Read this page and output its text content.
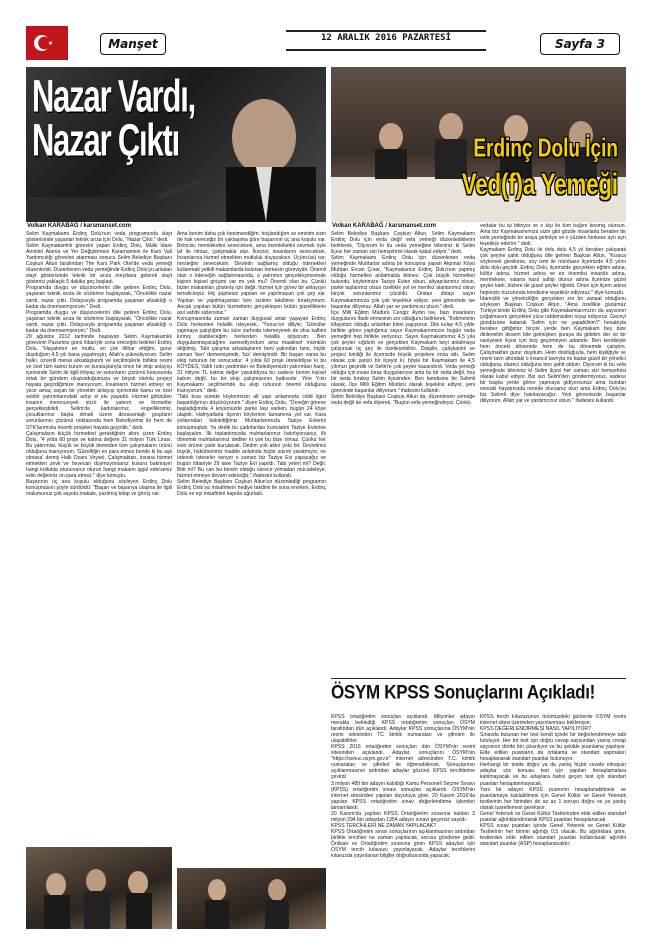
Manşet	12 ARALIK 2016 PAZARTESİ	Sayfa 3
Nazar Vardı,
Nazar Çıktı
Volkan KARABAĞ / karsmanset.com
Selim Kaymakamı Erdinç Dolu'nun veda programında slayt gösterisinde yaşanan teknik arıza için Dolu, "Nazar Çıktı." dedi.
Selim Kaymakamlık görevini yapan Erdinç Dolu, Mülki İdare Amirleri Atama ve Yer Değiştirmesi Kararnamesi ile Kars Vali Yardımcılığı görevine atanması sonucu Selim Belediye Başkanı Coşkun Altun tarafından The Kars Park Otel'de veda yemeği düzenlendi. Düzenlenen veda yemeğinde Erdinç Dolu'yu anlatan slayt gösterisinde teknik bir arıza meydana gelerek slayt gösterisi yaklaşık 5 dakika geç başladı.
Programda duygu ve düşüncelerini dile getiren Erdinç Dolu, yaşanan teknik arıza ile sözlerine başlayarak, "Öncelikle nazar vardı, nazar çıktı. Dolayısıyla programda yaşanan aksaklığı o kadar da önemsemiyorum." Dedi.
Programda duygu ve düşüncelerini dile getiren Erdinç Dolu, yaşanan teknik arıza ile sözlerine başlayarak, "Öncelikle nazar vardı, nazar çıktı. Dolayısıyla programda yaşanan aksaklığı o kadar da önemsemiyorum." Dedi.
29 ağustos 2012 tarihinde başlayan Selim Kaymakamlık görevinin Pazartesi günü itibariyle sona ereceğini belirten Erdinç Dolu, "Hayatımın en mutlu, en çok iftihar ettiğim, gurur duyduğum 4,5 yılı bana yaşatmıştır, Allah'a şükrediyorum. Selim halkı, özverili mesai arkadaşlarım ve seçilmişlerle birlikte resmi ve özel tüm kamu kurum ve kuruluşlarıyla önce bir ekip anlayışı içerisinde Selim ile ilgili ihtiyaç ve sorunların çözümü konusunda ortak bir gündem oluşturduğumuza ve birçok olumlu projeyi hayata geçirdiğimize inanıyorum. İnsanların hizmet etmeyi en yüce amaç sayan bir yönetim anlayışı içerisinde kamu ve özel sektör yatırımlarındaki artışı el ele yaşadık. Hizmet götürülen insanın memnuniyeti sözü ile yatırım ve hizmetler gerçekleştirildi. Selim'de kadınlarımız, engellilerimiz, çocuklarımız başta olmak üzere dezavantajlı grupların sorunlarının çözümü noktasında hem Belediyemiz ile hem de STK'larımızla önemli projeleri hayata geçirdik." dedi.
Çalışmaların küçük hizmetleri gerektiğinin altını çizen Erdinç Dolu, "4 yılda 60 proje ve katma değere 31 milyon Türk Lirası. Bu yatırımlar, küçük ve büyük demeden tüm çalışmaların ürünü olduğuna inanıyorum. 'Güzelliğin en para etmez bende ki bu aşk olmasa' demiş Halk Ozanı Veysel. Çalışmaktan, insana hizmet etmekten zevk ve heyecan duymuyorsanız kusura bakmayın hangi koltukta oturursanız oturun hangi makamı işgal ederseniz edin değeriniz on para etmez." diye konuştu.
Başarının üç ana koşulu olduğunu söyleyen Erdinç Dolu konuşmasını şöyle sürdürdü: "Başarı ve başarıya ulaşma ile ilgili malumunuz çok sayıda makale, yazılmış kitap ve görüş var.
Ama benim daha çok benimsediğim, hoşlandığım ve eminim sizin de hak vereceğiz bir yaklaşıma göre başarının üç ana koşulu var. Birincisi; memleketini seveceksin, ama memleketini sevmek öyle laf ile olmaz, çalışmakla olur. İkincisi; insanlarını seveceksin. İnsanlarına hizmet etmekten mutluluk duyacaksın. Üçüncüsü ise; mesleğini seveceksin. Devletin sağlamış olduğu ödenekleri kullanmak yetkili makamlarda bulunan herkesin göreviydir. Önemli olan o ödeneğin sağlanmasında, o yatırımın gerçekleşmesinde kişinin kişisel girişimi var mı yok mu? Önemli olan bu. Çünkü bizler makamları gösteriş için değil, hizmet için görev bir anlayışın temsilcisiyiz. Hiç şüphesiz yapılan ve yapılmayan çok şey var. Yapılan ve yapılmayanları ben sizlerin takdirine bırakıyorum. Ancak yapılan bütün hizmetlerin gerçekleşen bütün güzelliklerin asıl sahibi sizlersiniz."
Konuşmasında zaman zaman duygusal anlar yaşayan Erdinç Dolu herkesten helallik isteyerek, "Yunus'un diliyle; 'Gönüller yapmaya çalıştığım bu süre zarfında istemeyerek de olsa kalbini kırmış olabileceğim herkesten helallik istiyorum. Ben duygulanmayacağımı zannediyordum ama maalesef mümkün değilmiş. Tabi çalışma arkadaşlarım beni yakından tanır, hiçbir zaman 'ben' dememişimdir, 'biz' demişimdir. Bir başarı varsa bu ekip ruhunun bir sonucudur. 4 yılda 60 proje üreteildiyse ki bu KÖYDES, Vakfı rutin yardımları ve Belediyemizin yatırımları hariç. 31 milyon TL katma değer yaratıldıysa bu sadece benim kişisel kabım değil, bu bir ekip çalışmasının katkısıdır. Yine Yılın Kaymakamı seçilmemde bu ekip ruhunun önemli olduğuna inanıyorum." dedi.
"Tabi kısa sürede köylerimizin alt yapı anlamında ciddi ilgisi başardığımızı düşünüyorum." diyen Erdinç Dolu, "Örneğin göreve başladığımda 4 köyümüzde parke taşı varken, bugün 24 köye ulaştık. Hafriyatlarla ilçenin köylerinin tamamına yol var. Kara yollarından beklediğimiz Muhtarlarımızla Taziye Evlerini konuşmuştuk. Ya dedik bu çadırlardan kurtulalım Taziye Evlerine başlayalım. İlk toplantımızda muhtarlarımız hatırlıyorsanız, ilk dönemki muhtarlarımız dediler ki yok bu bize olmaz. Çünkü her evin önüne çadır kurulacak. Dedim yok aklın yolu bir. Devletimiz büyük, hükümetimiz madde anlamda hiçbir sıkıntı yaratmıyor, ne ödenek isteseler veriyor o zaman biz Taziye Evi yapacağız ve bugün itibariyle 29 tane Taziye Evi yapıldı. Tabi yeteri mi? Değil. Bitti mi? Bu can bu benim olduğu sürece yılmadan mücadeleye, hizmet etmeye devam edeceğiz." ifadesini kullandı.
Selim Belediye Başkanı Coşkun Altun'un düzenlediği programın Erdinç Dolu'ya misafirlerin hediye takdimi ile sona ererken, Erdinç Dolu ve eşi misafirleri kapıda uğurladı.
Erdinç Dolu İçin
Ved(f)a Yemeği
Volkan KARABAĞ / karsmanset.com
Selim Belediye Başkanı Coşkun Altun, Selim Kaymakamı Erdinç Dolu için veda değil vefa yemeği düzenlediklerini belirterek, "Diyorum ki bu veda yemeğine bileniniz ki Selim ilçesi her zaman sizi hemşehrisi olarak kabul ediyor." dedi.
Selim Kaymakamı Erdinç Dolu için düzenlenen veda yemeğinde Muhtarlar adına bir konuşma yapan Akpınar Köyü Muhtarı Ercan Çınar, "Kaymakamız Erdinç Dolu'nun yapmış olduğu hizmetleri anlatmakla bitmez. Çok büyük hizmetleri bulundu, köylerimize Taziye Evleri olsun, altyapılarımız olsun, parke taşlarımız olsun özellikle yol ve menfez alanlarımız olsun birçok sorunlarımız çözüldü. Ondan dolayı sayın Kaymakamımıza çok çok teşekkür ediyor, yeni görevinde ise başarılar diliyoruz. Allah yar ve yardımcısı olsun." dedi.
İlçe Milli Eğitim Müdürü Cengiz Aydın ise, bazı insanların duygularını ifade etmesinin zor olduğunu belirterek, "Kelimelerin kifayetsiz olduğu anlardan birini yaşıyoruz. Dile kolay 4,5 yıldır birlikte görev yaptığımız sayın Kaymakamımızın bugün veda yemeğini hep birlikte veriyoruz. Sayın Kaymakamımız 4,5 yıla çok şeyler sığdırdı ve gerçekten Kaymakam beyi anlatmaya çalışırsak üç şey ile özetleyebiliriz. Disiplin, çalışkanlık ve projeci kimliği ile ilçemizde büyük projelere imza attı. Selim olarak çok şanslı bir ilçeyiz ki, böyle bir Kaymakam ile 4,5 yılımızı geçirdik ve Selim'e çok şeyler kazandırdı. Veda yemeği olduğu için insan biraz duygulanıyor ama bu bir veda değil, hoş bir seda bırakıp Selim ilçesinden. Ben kendisine bir Selimli olarak, İlçe Milli Eğitim Müdürü olarak teşekkür ediyor, yeni görevinde başarılar diliyorum." ifadesini kullandı.
Selim Belediye Başkanı Coşkun Altun da, düzenlenen yemeğe veda değil de vefa diyerek, "Bugün vefa yemeğindeyiz. Çünkü
vedalar bu işi bitiriyor ve o kişi ile tüm bağını kesmiş olursun. Ama biz Kaymakamımıza sizin gibi gözde insanlarla beraber bir vefa yemeğinde bir araya gelmişiz ve o yüzden herkese ayrı ayrı teşekkür ederim." dedi.
Kaymakam Erdinç Dolu ile dolu dolu 4,5 yıl beraber çalışarak çok şeyine şahit olduğunu dile getiren Başkan Altun, "Kısaca söylemek gerekirse, soy ismi ile münhasır ilçemizde 4,5 yılını dolu dolu geçirdi. Erdinç Dolu, ilçemizde gerçekten eğitim adına, kültür adına, hizmet adına ve en önemlisi insanlık adına, memlekete, vatana nasıl sahip olunur adına ilçemize güzel şeyler kattı, bizlere de güzel şeyler öğretti. Onun için ilçem adına hepinizin huzurunda kendisine teşekkür ediyoruz." diye konuştu.
İdarecilik ve yöneticiliğin gerçekten zor bir zanaat olduğunu söyleyen Başkan Coşkun Altun, "Ama özellikle günümüz Türkiye'sinde Erdinç Dolu gibi Kaymakamlarımızın da sayısının çoğalmasını gerçekten yüce rabbimizden niyaz ediyoruz. Geceyi gündüzüne katarak 'Selim için ne yapabilirim?' hesabıyla beraber gittiğimiz birçok yerde ben Kaymakam bey bize dinlenelim desem bile gelmişken şuraya da gidelim der ve bir saniyesini ilçesi için boş geçirmeyen adamdır. Ben kendisiyle hem önceki dönemde hem de bu dönemde çalıştım. Çalışmaktan gurur duydum. Hem dostluğuyla, hem kişiliğiyle ve resmi tavrı altındaki o insancıl tavrıyla ne kadar güzel bir yönetici olduğuna, idareci olduğuna ben şahit oldum. Diyorum ki bu vefa yemeğinde bileniniz ki Selim ilçesi her zaman sizi hemşehrisi olarak kabul ediyor. Biz sizi Selim'den göndermiyoruz, sadece bir başka yerde görev yapmaya gidiyorsunuz ama bundan sonraki hayatınızda nerede olursanız olun ama Erdinç Dolu'yu biz Selimli diye hatırlayacağız. Yeni görevinizde başarılar diliyorum, Allah yar ve yardımcınız olsun." ifadesini kullandı.
ÖSYM KPSS Sonuçlarını Açıkladı!
KPSS ortaöğretim sonuçları açıklandı. Milyonlar adayın merakla beklediği KPSS ortaöğretim sonuçları ÖSYM tarafından dün açıklandı. Adaylar KPSS sonuçlarına ÖSYM'nin resmi sitesinden TC kimlik numaraları ve şifreleri ile ulaşabilirler.
KPSS 2016 ortaöğretim sonuçları dün ÖSYM'nin resmi sitesinden açıklandı. Adaylar, sonuçlarını ÖSYM'nin "https://sonuc.osym.gov.tr" internet adresinden T.C. kimlik numaraları ve şifreleri ile öğrenebilecek. Sonuçlarının açıklanmasının ardından adaylar gözünü KPSS tercihlerine çevirdi.
3 milyon 489 bin adayın katıldığı Kamu Personeli Seçme Sınavı (KPSS) ortaöğretim sınavı sonuçları açıklandı. ÖSYM'nin internet sitesinden yapılan duyuruya göre, 20 Kasım 2016'da yapılan KPSS ortaöğretim sınav değerlendirme işlemleri tamamlandı.
20 Kasım'da yapılan KPSS Ortaöğretim sınavına katılan 3 milyon 294 bin adaydan 1354 adayın sınavı geçersiz sayıldı.
KPSS TERCİHLERİ NE ZAMAN YAPILACAK?
KPSS Ortaöğretim sınav sonuçlarının açıklanmasının ardından birlikte tercihler ne zaman yapılacak, sorusu gündeme geldi. Önlisan ve Ortaöğretim sınavına giren KPSS adayları için ÖSYM tercih kılavuzu yayınlayacak. Adaylar tercihlerini kılavuzda yayınlanan bilgiler doğrultusunda yapacak.
KPSS tercih kılavuzunun önümüzdeki günlerde ÖSYM resmi internet sitesi üzerinden yayınlanması bekleniyor.
KPSS DEĞERLENDİRMESİ NASIL YAPILIYOR?
Sınavda bulunan her test kendi içinde bir değerlendirmeye tabi tutuluyor. Her bir test için doğru cevap sayısından yanlış cevap sayısının dörtte biri çıkarılıyor ve bu şekilde puanlama yapılıyor. Elde edilen puanların da ortalama ve standart sapmaları hesaplanarak standart puanlar bulunuyor.
Herhangi bir testte doğru ya da yanlış hiçbir cevabı olmayan adaylar söz konusu test için yapılan hesaplamalara katılmayacak ve bu adaylara bahsi geçen test için standart puanları hesaplanmayacak.
Yani bir adayın KPSS puanının hesaplanabilmesi ve puanlamaya katılabilmesi için Genel Kültür ve Genel Yetenek testlerinin her birinden de az az 1 soruyu doğru ve ya yanlış olarak işaretlemesi gerekiyor.
Genel Yetenek ve Genel Kültür Testlerinden elde edilen standart puanlar ağırlıklandırılarak KPSS puanları hesaplanacak.
KPSS sınav puanları içinde Genel Yetenek ve Genel Kültür Testlerinin her birinin ağırlığı 0,5 olacak. Bu ağırlıklara göre, testlerden elde edilen standart puanlar kullanılarak ağırlıklı standart puanlar (ASP) hesaplanacaktır.
